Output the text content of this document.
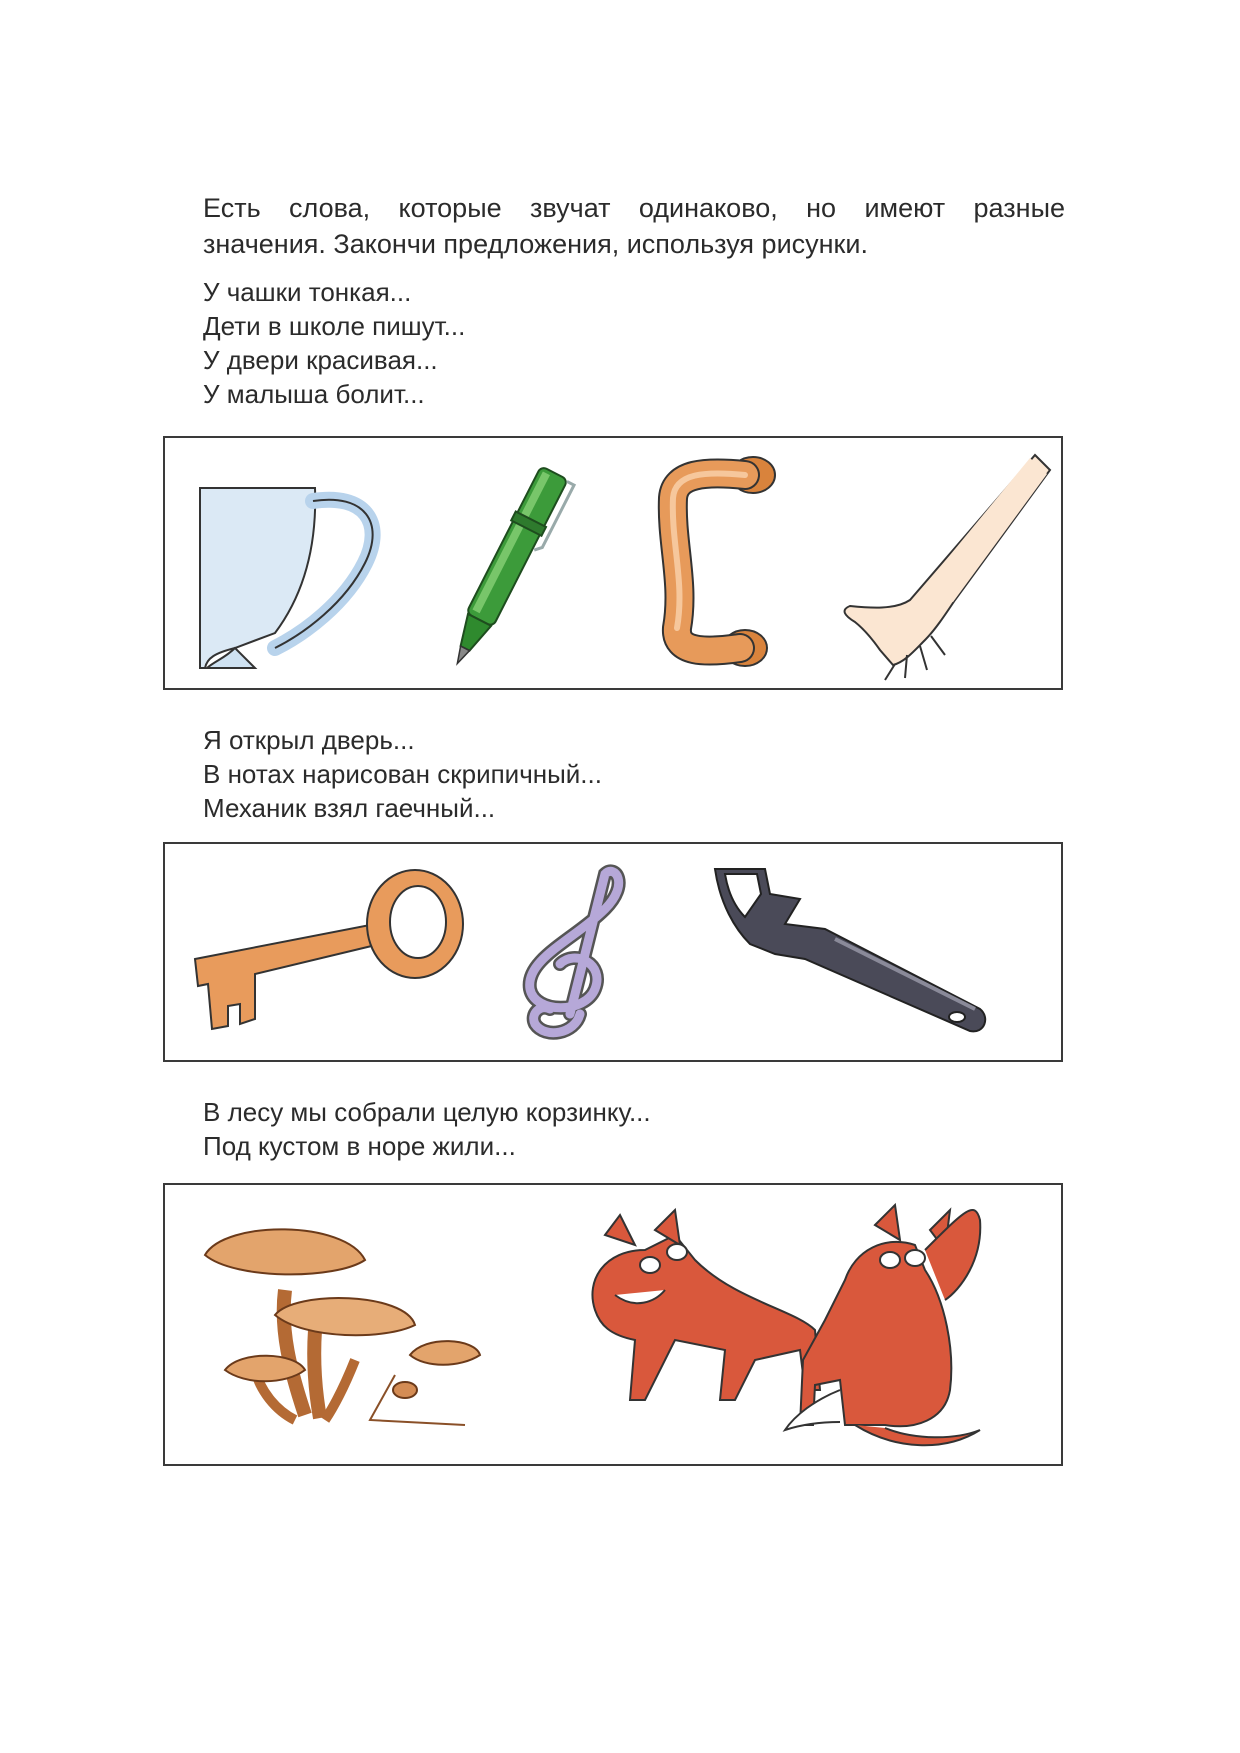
Есть слова, которые звучат одинаково, но имеют разные
значения. Закончи предложения, используя рисунки.

У чашки тонкая...
Дети в школе пишут...
У двери красивая...
У малыша болит...
Я открыл дверь...
В нотах нарисован скрипичный...
Механик взял гаечный...
В лесу мы собрали целую корзинку...
Под кустом в норе жили...
